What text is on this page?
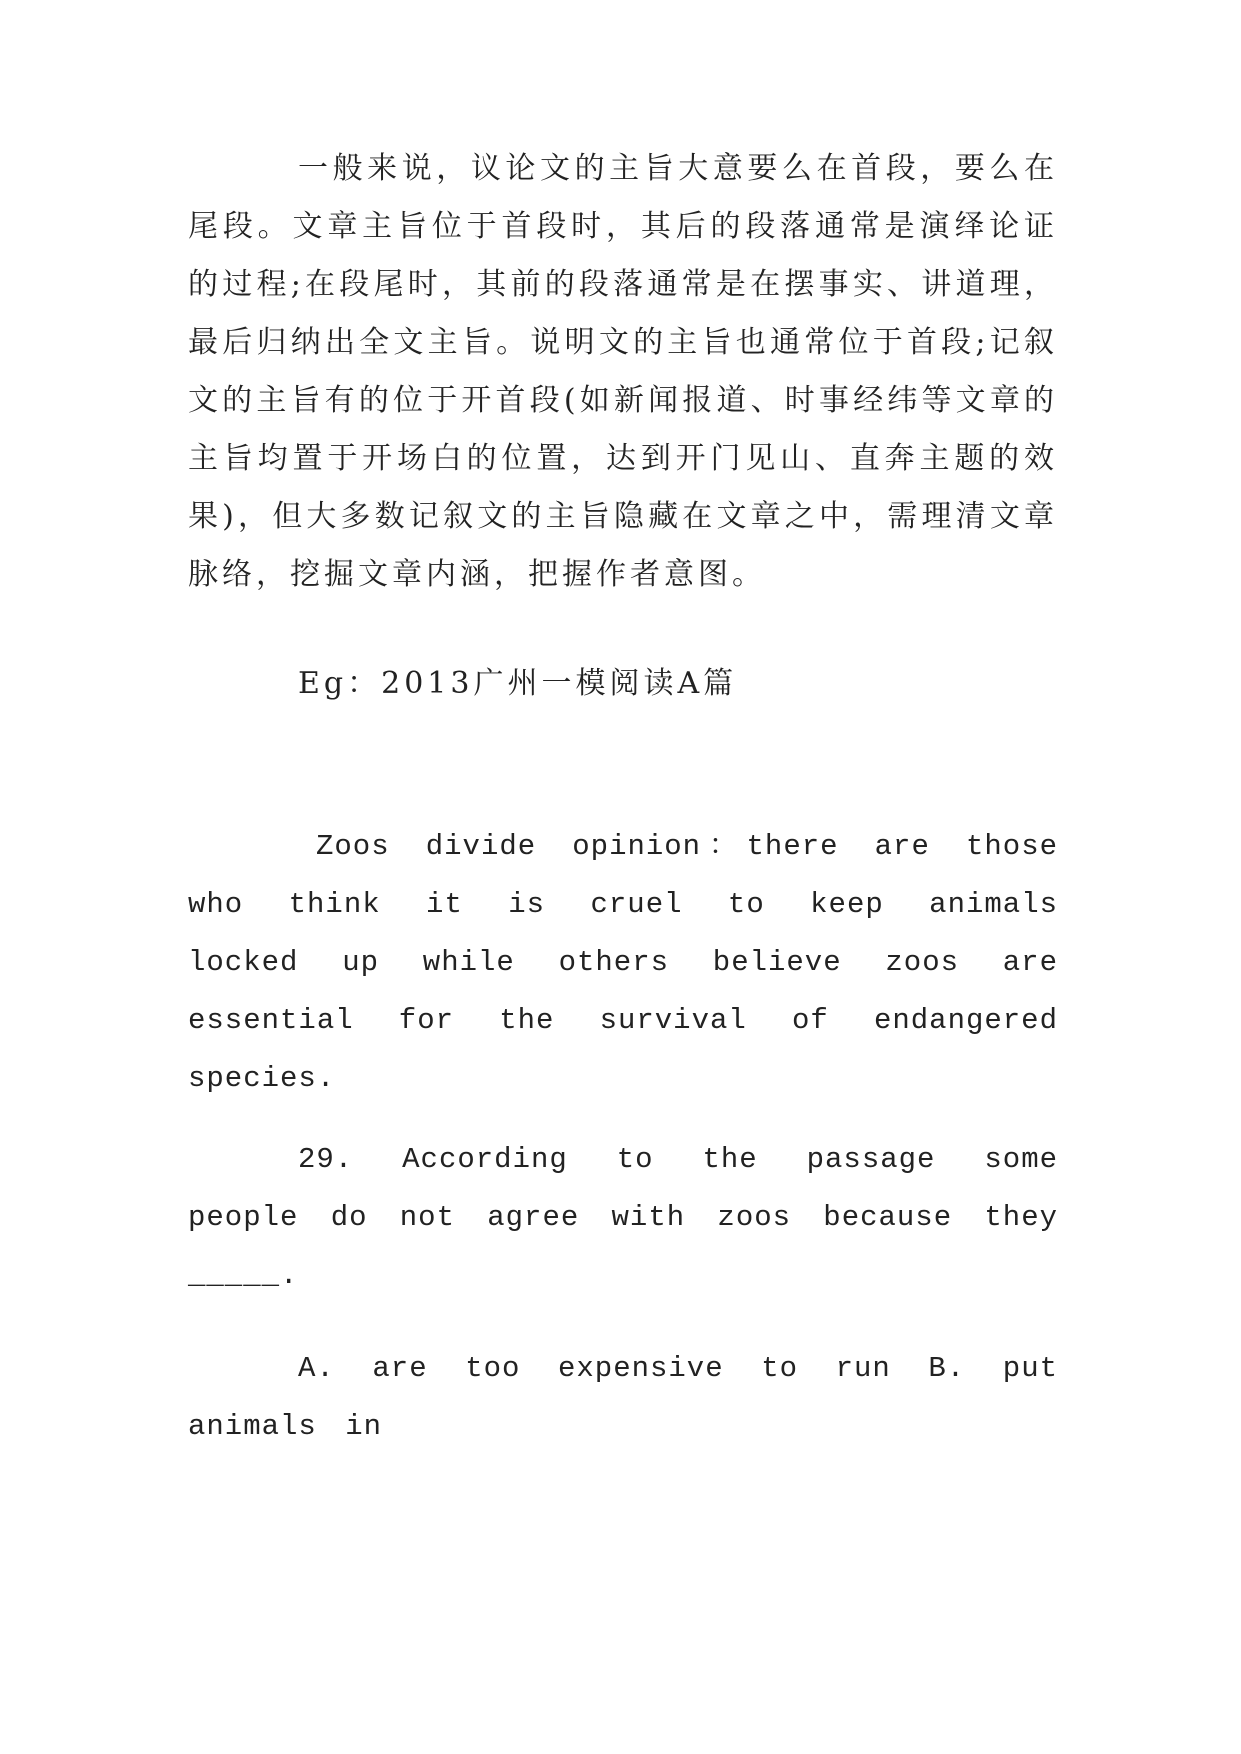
一般来说，议论文的主旨大意要么在首段，要么在尾段。文章主旨位于首段时，其后的段落通常是演绎论证的过程;在段尾时，其前的段落通常是在摆事实、讲道理，最后归纳出全文主旨。说明文的主旨也通常位于首段;记叙文的主旨有的位于开首段(如新闻报道、时事经纬等文章的主旨均置于开场白的位置，达到开门见山、直奔主题的效果)，但大多数记叙文的主旨隐藏在文章之中，需理清文章脉络，挖掘文章内涵，把握作者意图。

Eg：2013广州一模阅读A篇

Zoos divide opinion：there are those who think it is cruel to keep animals locked up while others believe zoos are essential for the survival of endangered species.

29. According to the passage some people do not agree with zoos because they _____.

A. are too expensive to run B. put animals in
